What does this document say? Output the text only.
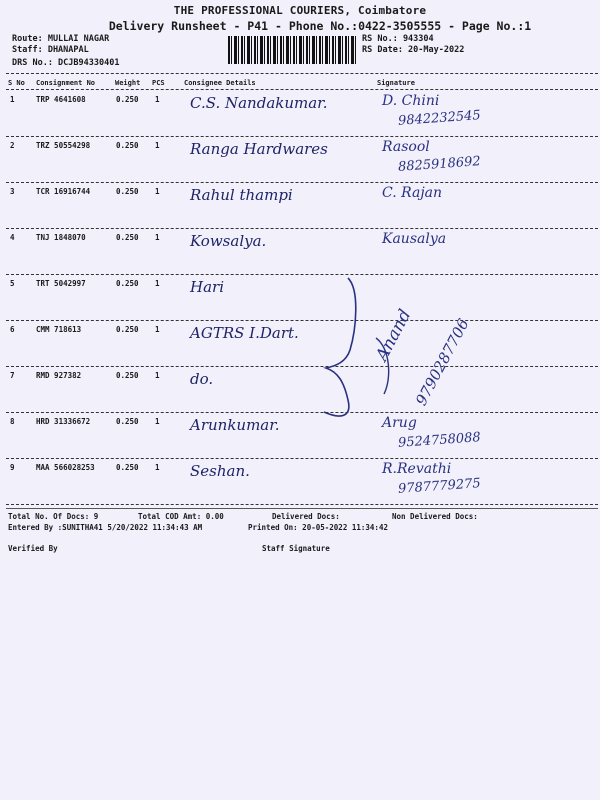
THE PROFESSIONAL COURIERS, Coimbatore
Delivery Runsheet - P41 - Phone No.:0422-3505555 - Page No.:1
Route: MULLAI NAGAR
Staff: DHANAPAL
DRS No.: DCJB94330401
RS No.: 943304
RS Date: 20-May-2022
S No Consignment No	Weight PCS	Consignee Details	Signature
1	TRP 4641608	0.250 1 C.S. Nandakumar.	D. Chini
9842232545
2	TRZ 50554298	0.250 1 Ranga Hardwares	Rasool
8825918692
3	TCR 16916744	0.250 1 Rahul thampi	C. Rajan
4	TNJ 1848070	0.250 1 Kowsalya.	Kausalya
5	TRT 5042997	0.250 1 Hari
6	CMM 718613	0.250 1 AGTRS I.Dart.
7	RMD 927382	0.250 1 do.
8	HRD 31336672	0.250 1 Arunkumar.	Arug
9524758088
9	MAA 566028253	0.250 1 Seshan.	R.Revathi
9787779275
Anand
9790287706
Total No. Of Docs: 9	Total COD Amt: 0.00	Delivered Docs:	Non Delivered Docs:
Entered By :SUNITHA41 5/20/2022 11:34:43 AM	Printed On: 20-05-2022 11:34:42
Verified By	Staff Signature
